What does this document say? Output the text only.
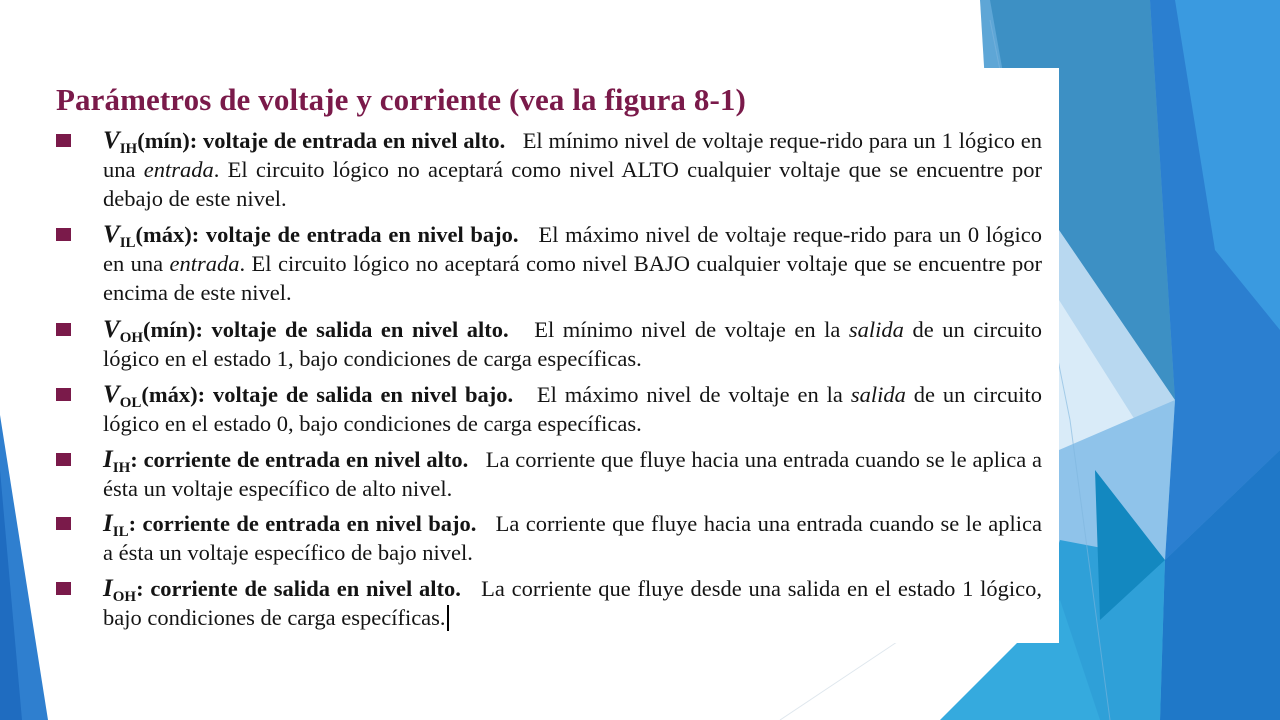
Parámetros de voltaje y corriente (vea la figura 8-1)
$V_{IH}(mín)$: voltaje de entrada en nivel alto. El mínimo nivel de voltaje reque-rido para un 1 lógico en una entrada. El circuito lógico no aceptará como nivel ALTO cualquier voltaje que se encuentre por debajo de este nivel.
$V_{IL}(máx)$: voltaje de entrada en nivel bajo. El máximo nivel de voltaje reque-rido para un 0 lógico en una entrada. El circuito lógico no aceptará como nivel BAJO cualquier voltaje que se encuentre por encima de este nivel.
$V_{OH}(mín)$: voltaje de salida en nivel alto. El mínimo nivel de voltaje en la salida de un circuito lógico en el estado 1, bajo condiciones de carga específicas.
$V_{OL}(máx)$: voltaje de salida en nivel bajo. El máximo nivel de voltaje en la salida de un circuito lógico en el estado 0, bajo condiciones de carga específicas.
$I_{IH}$: corriente de entrada en nivel alto. La corriente que fluye hacia una entrada cuando se le aplica a ésta un voltaje específico de alto nivel.
$I_{IL}$: corriente de entrada en nivel bajo. La corriente que fluye hacia una entrada cuando se le aplica a ésta un voltaje específico de bajo nivel.
$I_{OH}$: corriente de salida en nivel alto. La corriente que fluye desde una salida en el estado 1 lógico, bajo condiciones de carga específicas.
